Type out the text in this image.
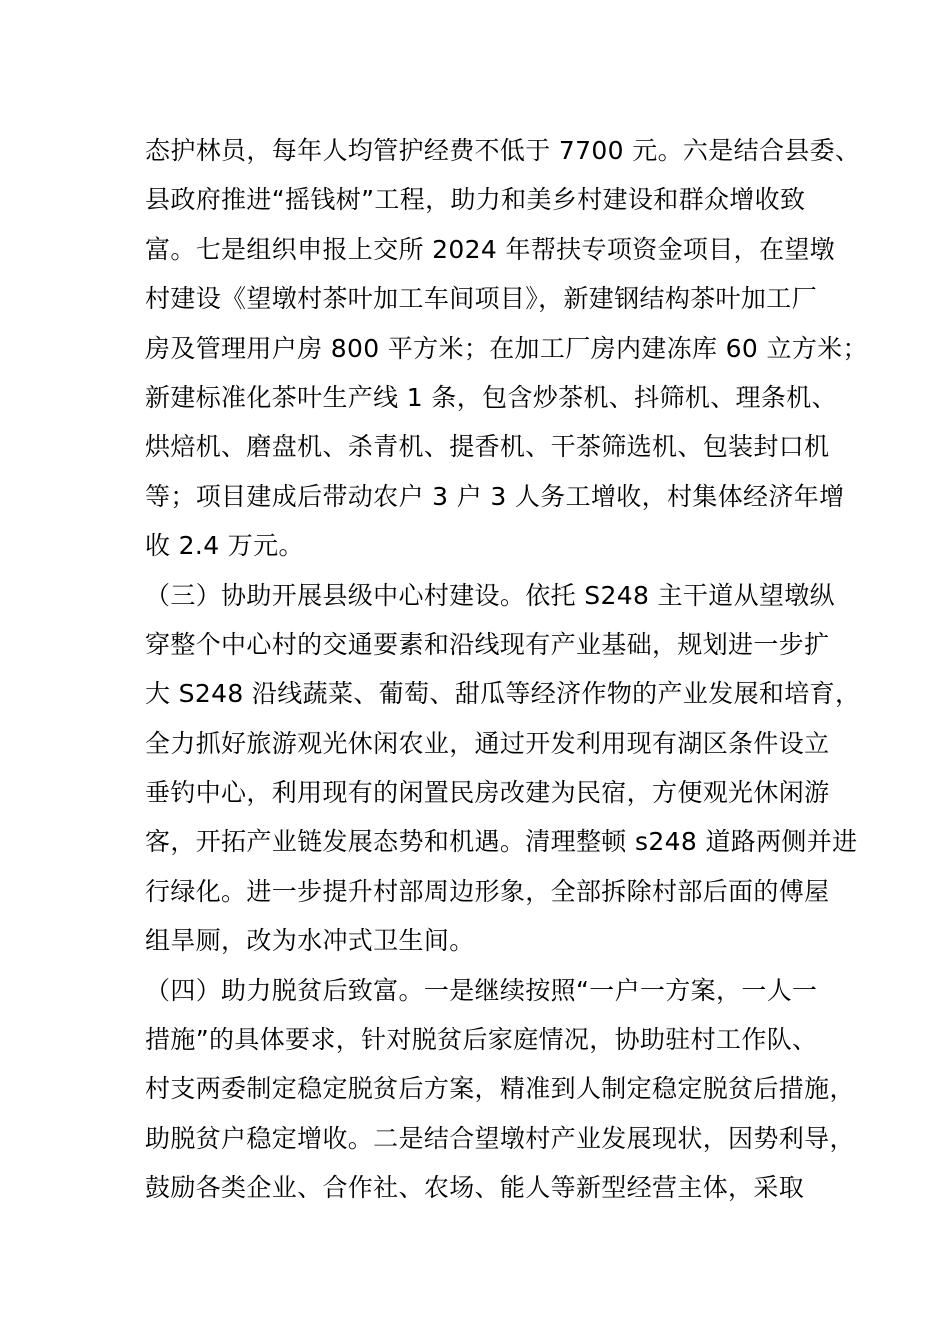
态护林员，每年人均管护经费不低于 7700 元。六是结合县委、
县政府推进“摇钱树”工程，助力和美乡村建设和群众增收致
富。七是组织申报上交所 2024 年帮扶专项资金项目，在望墩
村建设《望墩村茶叶加工车间项目》，新建钢结构茶叶加工厂
房及管理用户房 800 平方米；在加工厂房内建冻库 60 立方米；
新建标准化茶叶生产线 1 条，包含炒茶机、抖筛机、理条机、
烘焙机、磨盘机、杀青机、提香机、干茶筛选机、包装封口机
等；项目建成后带动农户 3 户 3 人务工增收，村集体经济年增
收 2.4 万元。
（三）协助开展县级中心村建设。依托 S248 主干道从望墩纵
穿整个中心村的交通要素和沿线现有产业基础，规划进一步扩
大 S248 沿线蔬菜、葡萄、甜瓜等经济作物的产业发展和培育，
全力抓好旅游观光休闲农业，通过开发利用现有湖区条件设立
垂钓中心，利用现有的闲置民房改建为民宿，方便观光休闲游
客，开拓产业链发展态势和机遇。清理整顿 s248 道路两侧并进
行绿化。进一步提升村部周边形象，全部拆除村部后面的傅屋
组旱厕，改为水冲式卫生间。
（四）助力脱贫后致富。一是继续按照“一户一方案，一人一
措施”的具体要求，针对脱贫后家庭情况，协助驻村工作队、
村支两委制定稳定脱贫后方案，精准到人制定稳定脱贫后措施，
助脱贫户稳定增收。二是结合望墩村产业发展现状，因势利导，
鼓励各类企业、合作社、农场、能人等新型经营主体，采取
